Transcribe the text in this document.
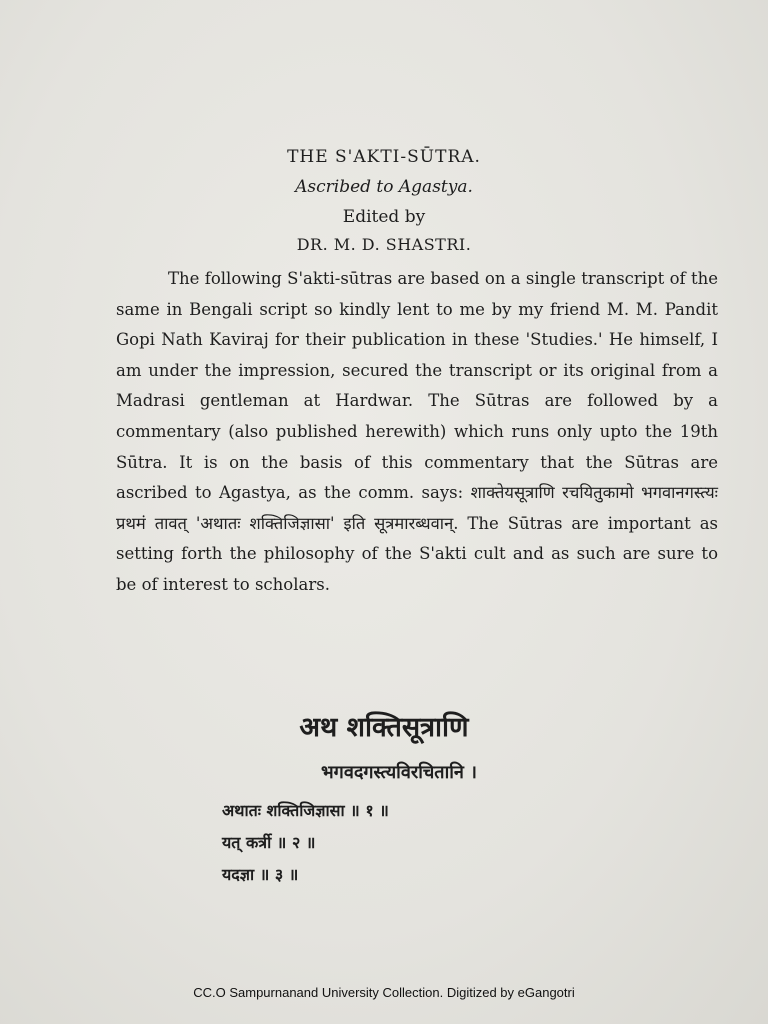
THE S'AKTI-SŪTRA.
Ascribed to Agastya.
Edited by
DR. M. D. SHASTRI.

The following S'akti-sūtras are based on a single transcript of the same in Bengali script so kindly lent to me by my friend M. M. Pandit Gopi Nath Kaviraj for their publication in these 'Studies.' He himself, I am under the impression, secured the transcript or its original from a Madrasi gentleman at Hardwar. The Sūtras are followed by a commentary (also published herewith) which runs only upto the 19th Sūtra. It is on the basis of this commentary that the Sūtras are ascribed to Agastya, as the comm. says: शाक्तेयसूत्राणि रचयितुकामो भगवानगस्त्यः प्रथमं तावत् 'अथातः शक्तिजिज्ञासा' इति सूत्रमारब्धवान्. The Sūtras are important as setting forth the philosophy of the S'akti cult and as such are sure to be of interest to scholars.

अथ शक्तिसूत्राणि
भगवदगस्त्यविरचितानि ।
अथातः शक्तिजिज्ञासा ॥ १ ॥
यत् कर्त्री ॥ २ ॥
यदज्ञा ॥ ३ ॥
CC.O Sampurnanand University Collection. Digitized by eGangotri
